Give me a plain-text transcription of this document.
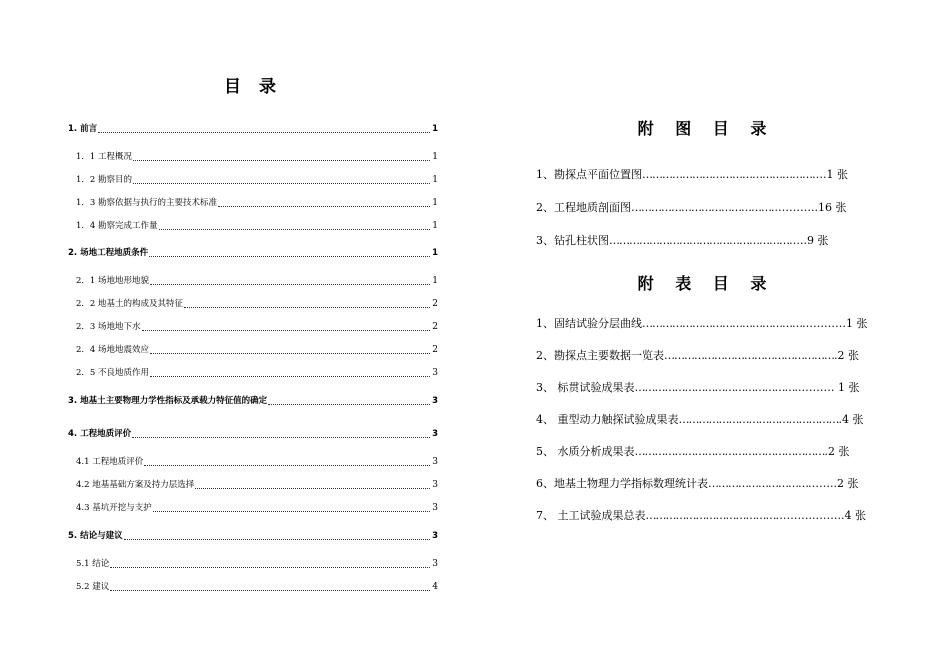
目 录
1. 前言	1
1．1 工程概况	1
1．2 勘察目的	1
1．3 勘察依据与执行的主要技术标准	1
1．4 勘察完成工作量	1
2. 场地工程地质条件	1
2．1 场地地形地貌	1
2．2 地基土的构成及其特征	2
2．3 场地地下水	2
2．4 场地地震效应	2
2．5 不良地质作用	3
3. 地基土主要物理力学性指标及承载力特征值的确定	3
4. 工程地质评价	3
4.1 工程地质评价	3
4.2 地基基础方案及持力层选择	3
4.3 基坑开挖与支护	3
5. 结论与建议	3
5.1 结论	3
5.2 建议	4
附 图 目 录
1、勘探点平面位置图……………………………………………….1 张
2、工程地质剖面图……………………………………..………..16 张
3、钻孔柱状图…………………………………………………..9 张
附 表 目 录
1、固结试验分层曲线……………………………………………………1 张
2、勘探点主要数据一览表…………………………………………….2 张
3、 标贯试验成果表…………………………………………..……… 1 张
4、 重型动力触探试验成果表………………………………………….4 张
5、 水质分析成果表………………………………………………….2 张
6、地基土物理力学指标数理统计表………………………………..2 张
7、 土工试验成果总表…………………………………………..……..4 张
